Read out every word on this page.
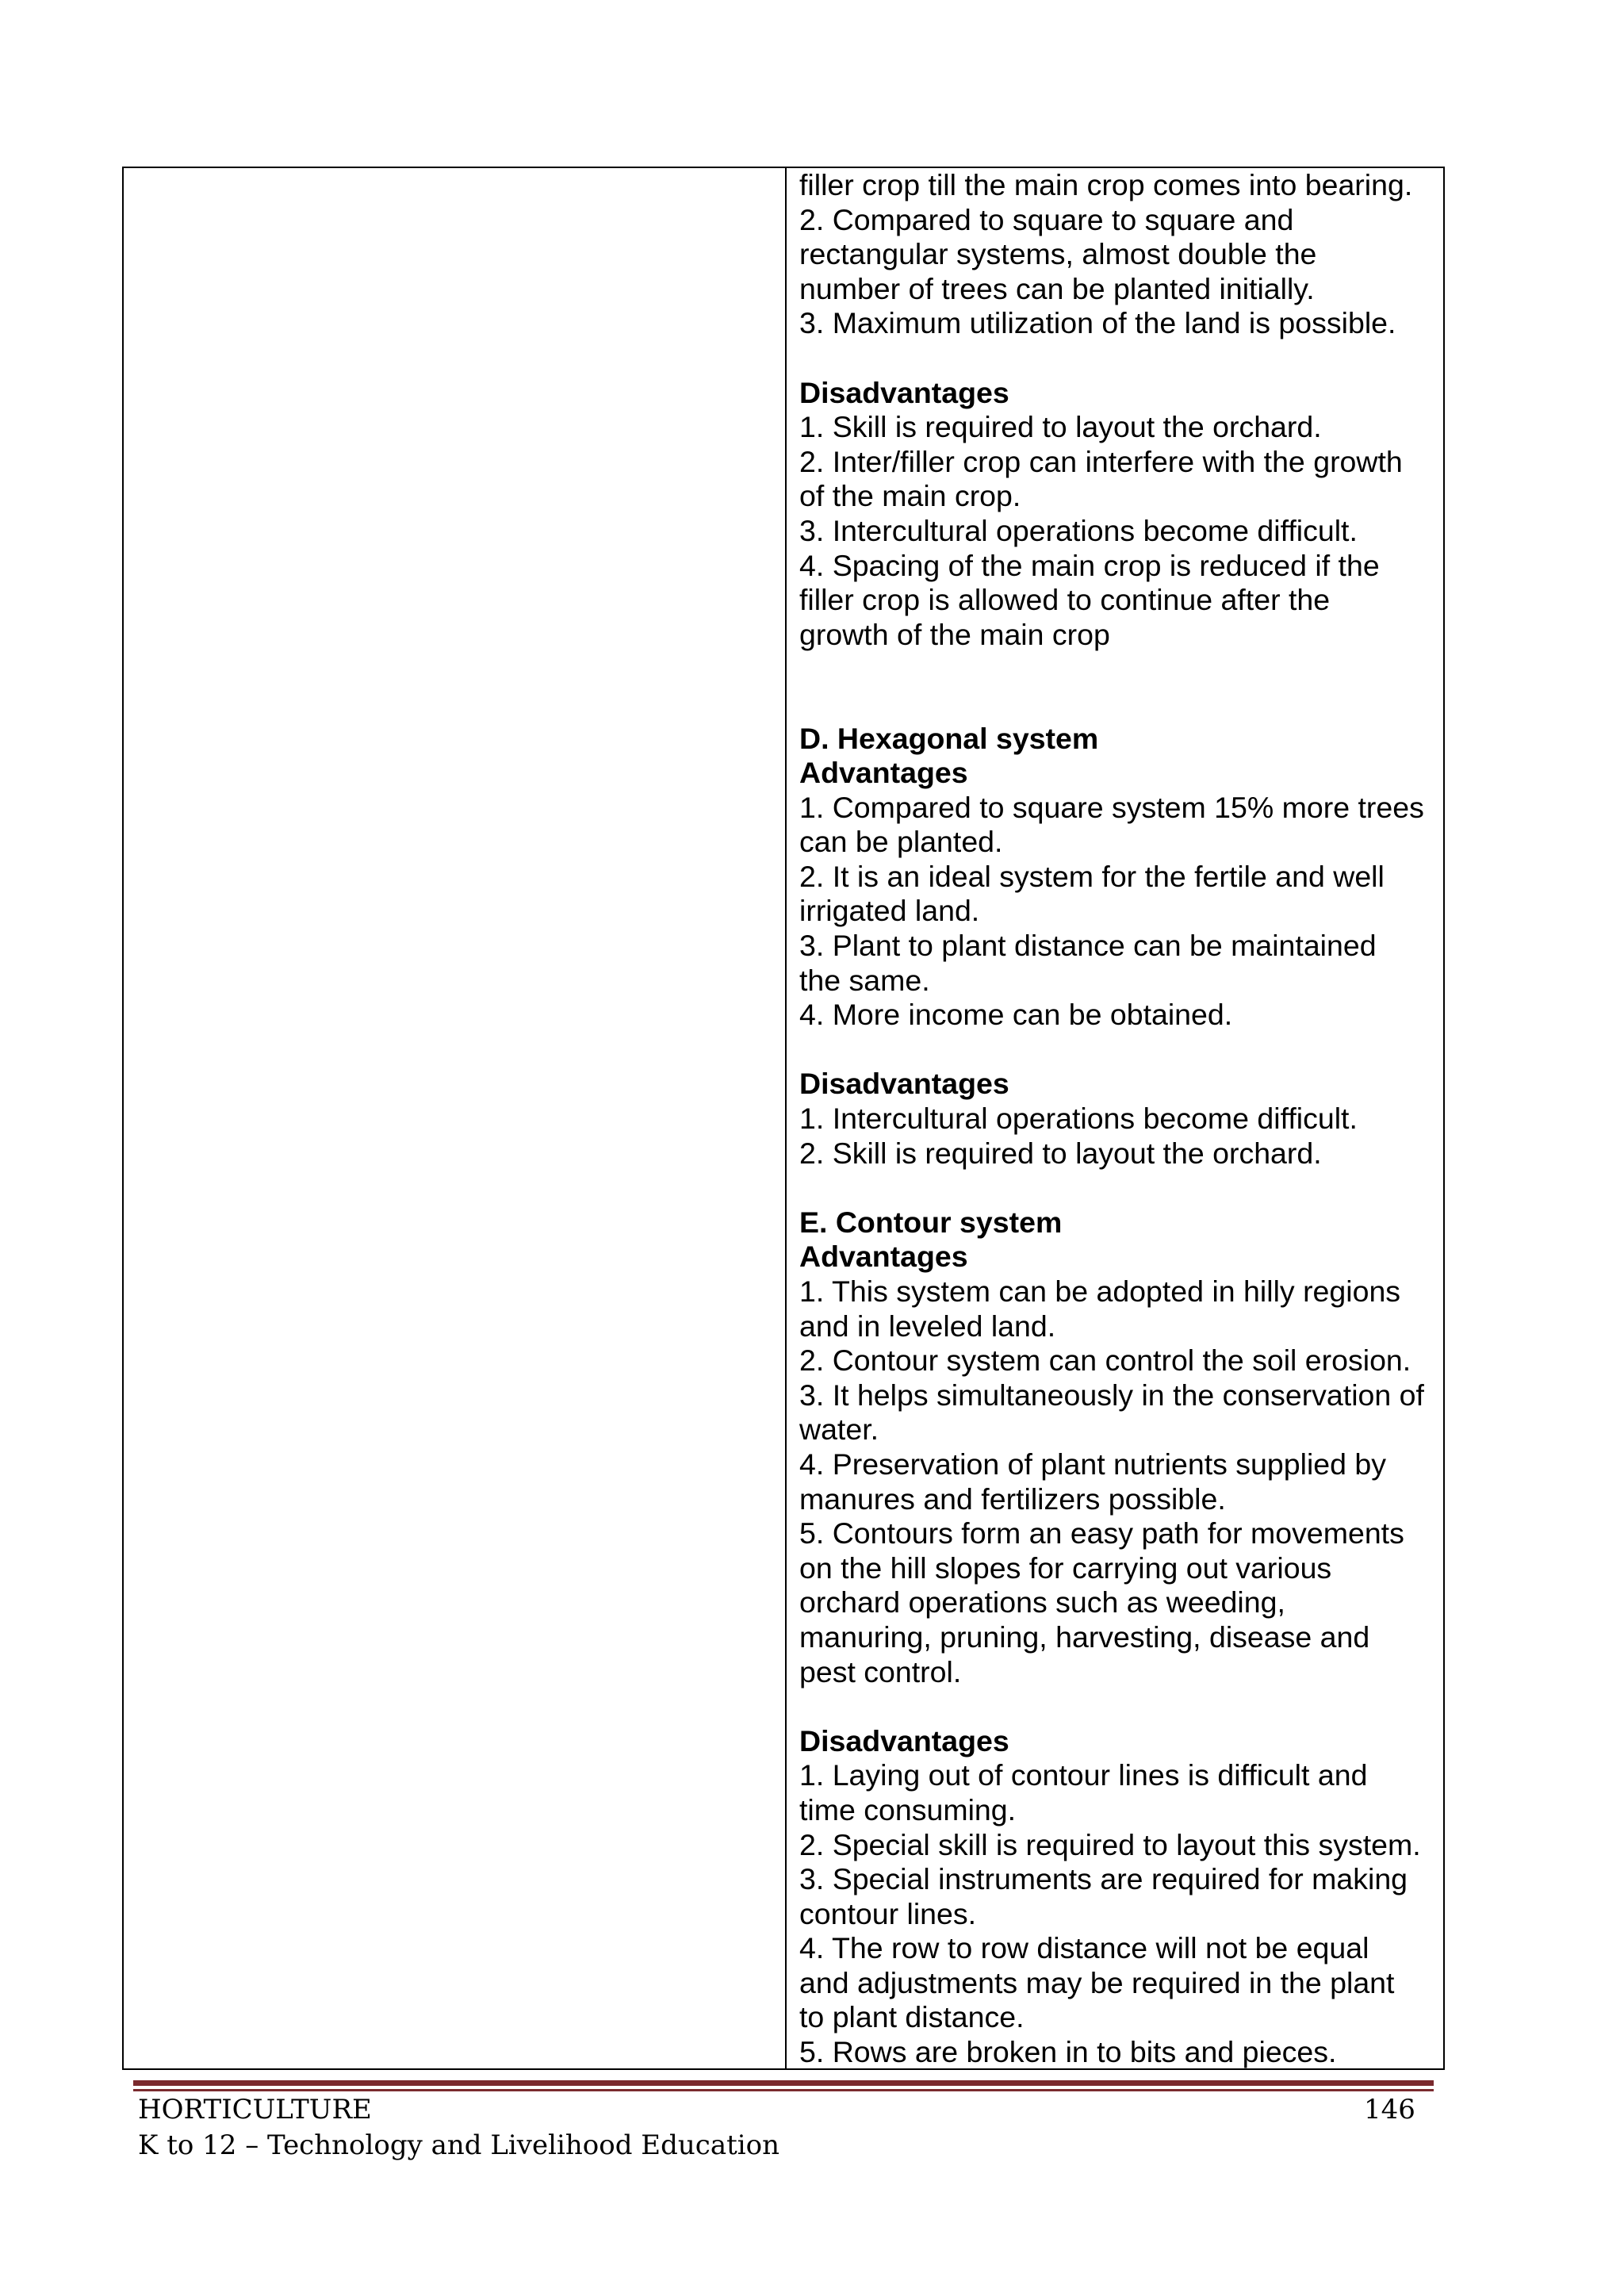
filler crop till the main crop comes into bearing.
2. Compared to square to square and
rectangular systems, almost double the
number of trees can be planted initially.
3. Maximum utilization of the land is possible.
Disadvantages
1. Skill is required to layout the orchard.
2. Inter/filler crop can interfere with the growth
of the main crop.
3. Intercultural operations become difficult.
4. Spacing of the main crop is reduced if the
filler crop is allowed to continue after the
growth of the main crop
D. Hexagonal system
Advantages
1. Compared to square system 15% more trees
can be planted.
2. It is an ideal system for the fertile and well
irrigated land.
3. Plant to plant distance can be maintained
the same.
4. More income can be obtained.
Disadvantages
1. Intercultural operations become difficult.
2. Skill is required to layout the orchard.
E. Contour system
Advantages
1. This system can be adopted in hilly regions
and in leveled land.
2. Contour system can control the soil erosion.
3. It helps simultaneously in the conservation of
water.
4. Preservation of plant nutrients supplied by
manures and fertilizers possible.
5. Contours form an easy path for movements
on the hill slopes for carrying out various
orchard operations such as weeding,
manuring, pruning, harvesting, disease and
pest control.
Disadvantages
1. Laying out of contour lines is difficult and
time consuming.
2. Special skill is required to layout this system.
3. Special instruments are required for making
contour lines.
4. The row to row distance will not be equal
and adjustments may be required in the plant
to plant distance.
5. Rows are broken in to bits and pieces.
HORTICULTURE	146
K to 12 – Technology and Livelihood Education
